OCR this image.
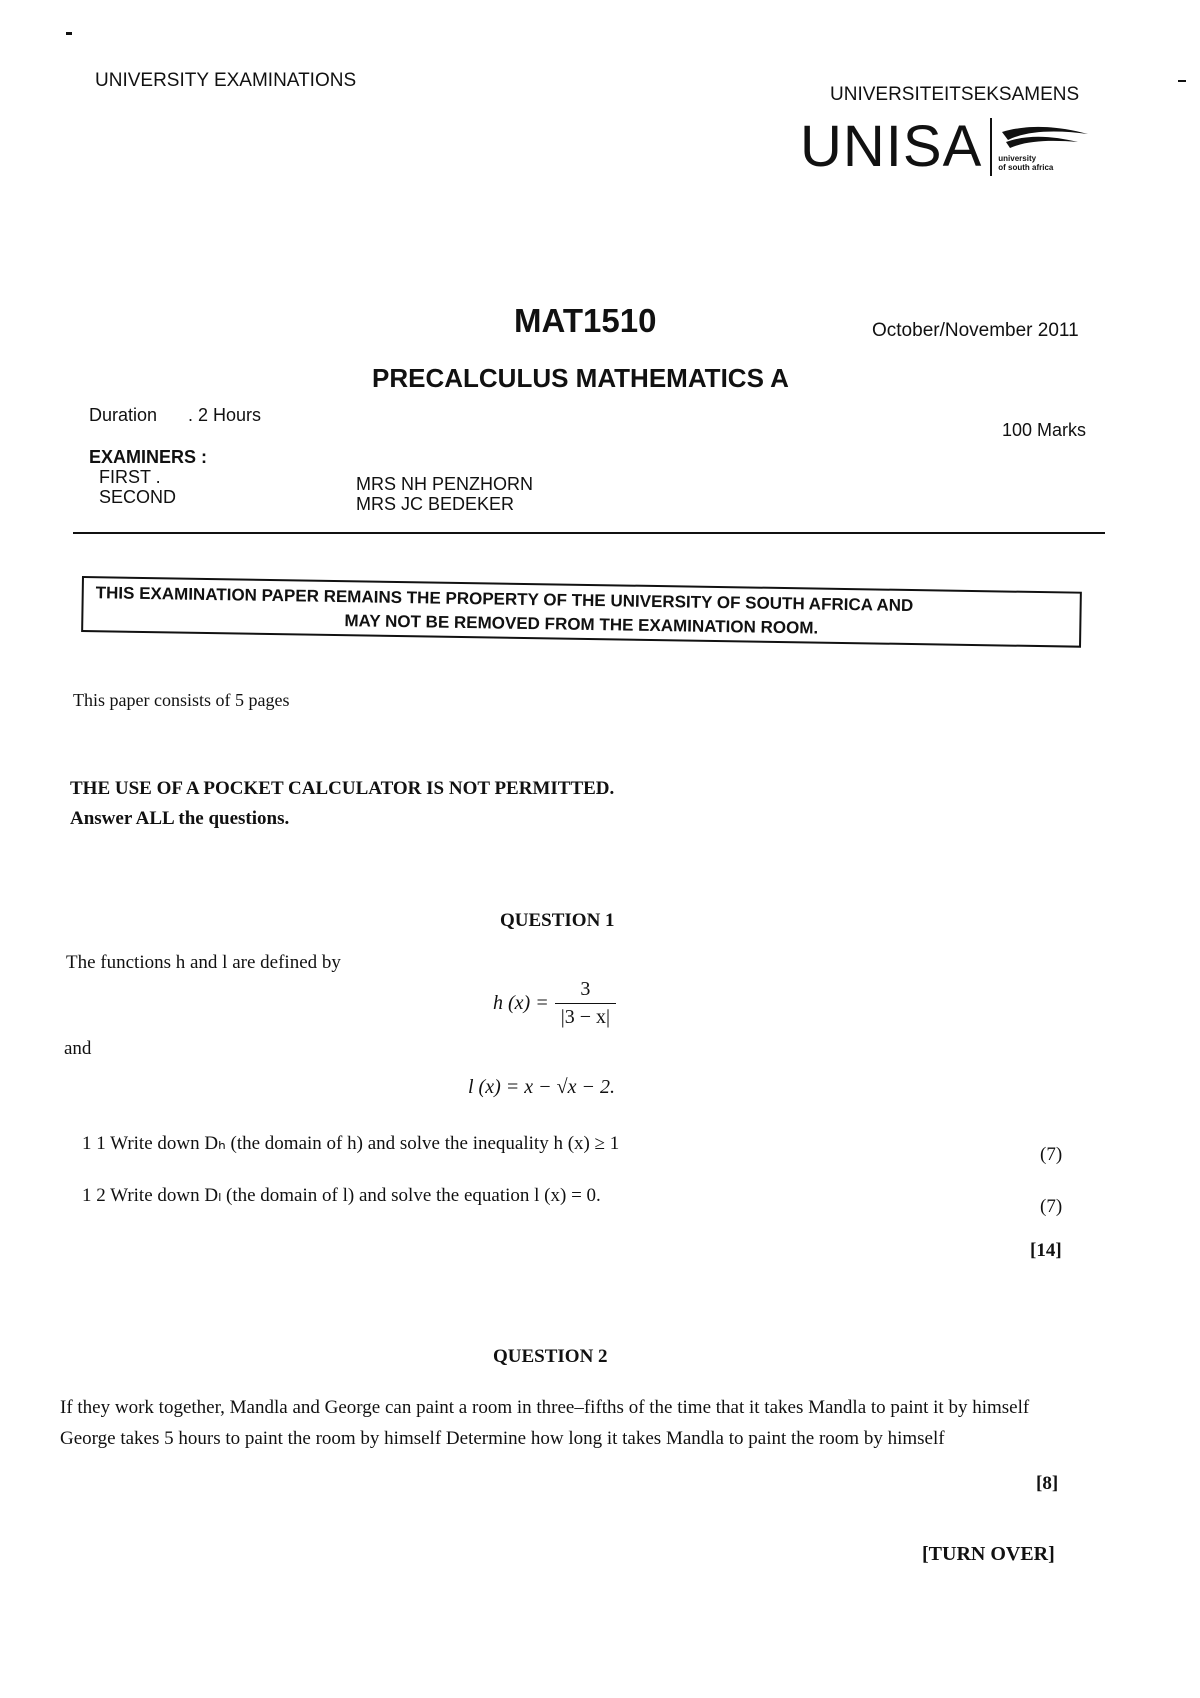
UNIVERSITY EXAMINATIONS
UNIVERSITEITSEKSAMENS
UNISA university
of south africa
MAT1510	October/November 2011
PRECALCULUS MATHEMATICS A
Duration . 2 Hours
100 Marks
EXAMINERS :
FIRST .
SECOND
MRS NH PENZHORN
MRS JC BEDEKER
THIS EXAMINATION PAPER REMAINS THE PROPERTY OF THE UNIVERSITY OF SOUTH AFRICA AND
MAY NOT BE REMOVED FROM THE EXAMINATION ROOM.
This paper consists of 5 pages
THE USE OF A POCKET CALCULATOR IS NOT PERMITTED.
Answer ALL the questions.
QUESTION 1
The functions h and l are defined by
h $(x) = \frac{3}{|3 - x|}$
and
l (x) = x − √x − 2.
1 1 Write down Dₕ (the domain of h) and solve the inequality h (x) ≥ 1
(7)
1 2 Write down Dₗ (the domain of l) and solve the equation l (x) = 0.
(7)
[14]
QUESTION 2
If they work together, Mandla and George can paint a room in three–fifths of the time that it takes Mandla to paint it by himself George takes 5 hours to paint the room by himself Determine how long it takes Mandla to paint the room by himself
[8]
[TURN OVER]
